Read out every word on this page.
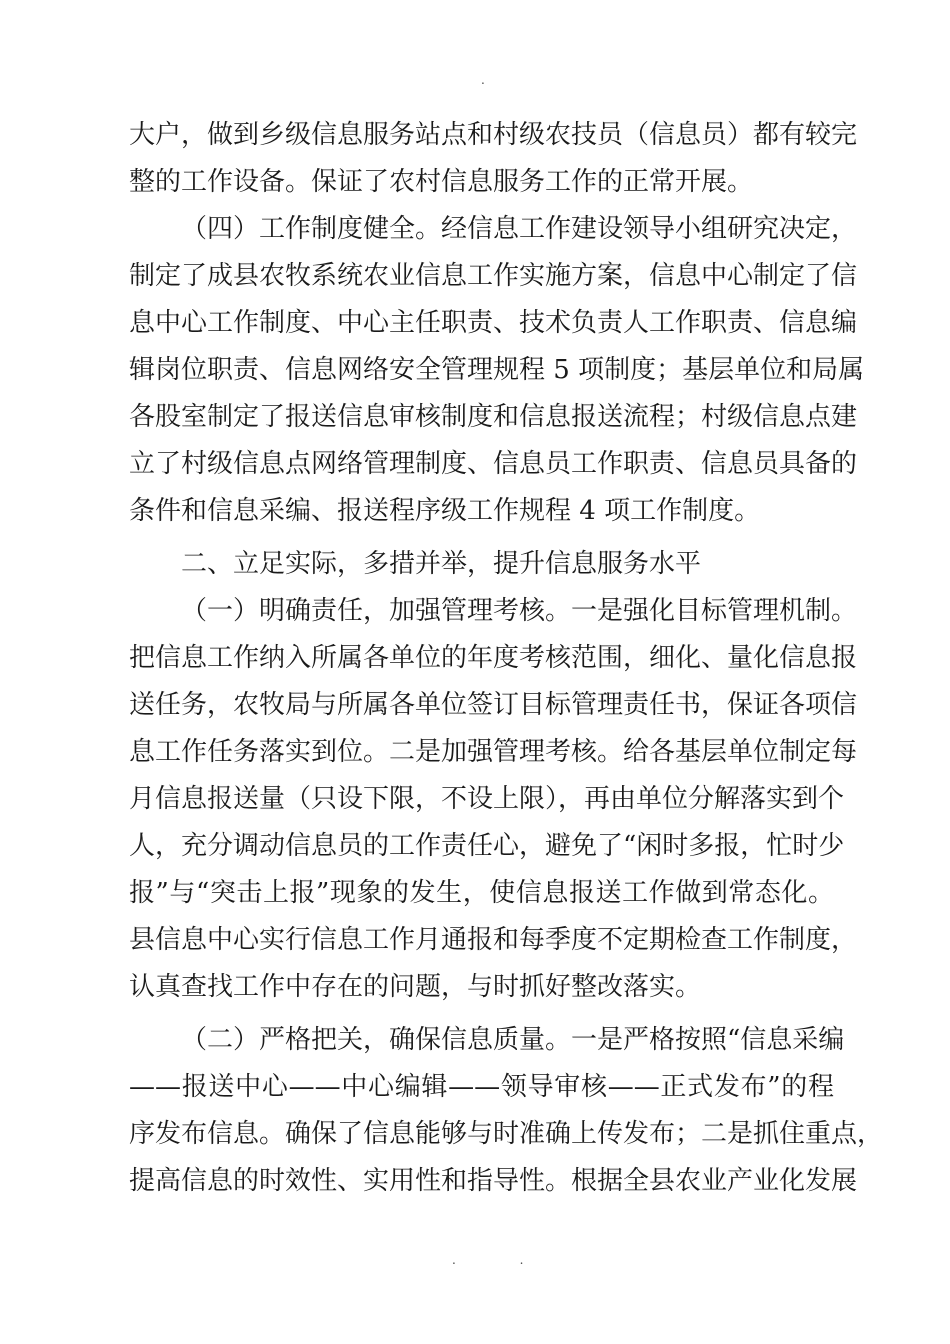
.
大户，做到乡级信息服务站点和村级农技员（信息员）都有较完
整的工作设备。保证了农村信息服务工作的正常开展。
（四）工作制度健全。经信息工作建设领导小组研究决定，
制定了成县农牧系统农业信息工作实施方案，信息中心制定了信
息中心工作制度、中心主任职责、技术负责人工作职责、信息编
辑岗位职责、信息网络安全管理规程 5 项制度；基层单位和局属
各股室制定了报送信息审核制度和信息报送流程；村级信息点建
立了村级信息点网络管理制度、信息员工作职责、信息员具备的
条件和信息采编、报送程序级工作规程 4 项工作制度。
二、立足实际，多措并举，提升信息服务水平
（一）明确责任，加强管理考核。一是强化目标管理机制。
把信息工作纳入所属各单位的年度考核范围，细化、量化信息报
送任务，农牧局与所属各单位签订目标管理责任书，保证各项信
息工作任务落实到位。二是加强管理考核。给各基层单位制定每
月信息报送量（只设下限，不设上限），再由单位分解落实到个
人，充分调动信息员的工作责任心，避免了“闲时多报，忙时少
报”与“突击上报”现象的发生，使信息报送工作做到常态化。
县信息中心实行信息工作月通报和每季度不定期检查工作制度，
认真查找工作中存在的问题，与时抓好整改落实。
（二）严格把关，确保信息质量。一是严格按照“信息采编
——报送中心——中心编辑——领导审核——正式发布”的程
序发布信息。确保了信息能够与时准确上传发布；二是抓住重点，
提高信息的时效性、实用性和指导性。根据全县农业产业化发展
. .
